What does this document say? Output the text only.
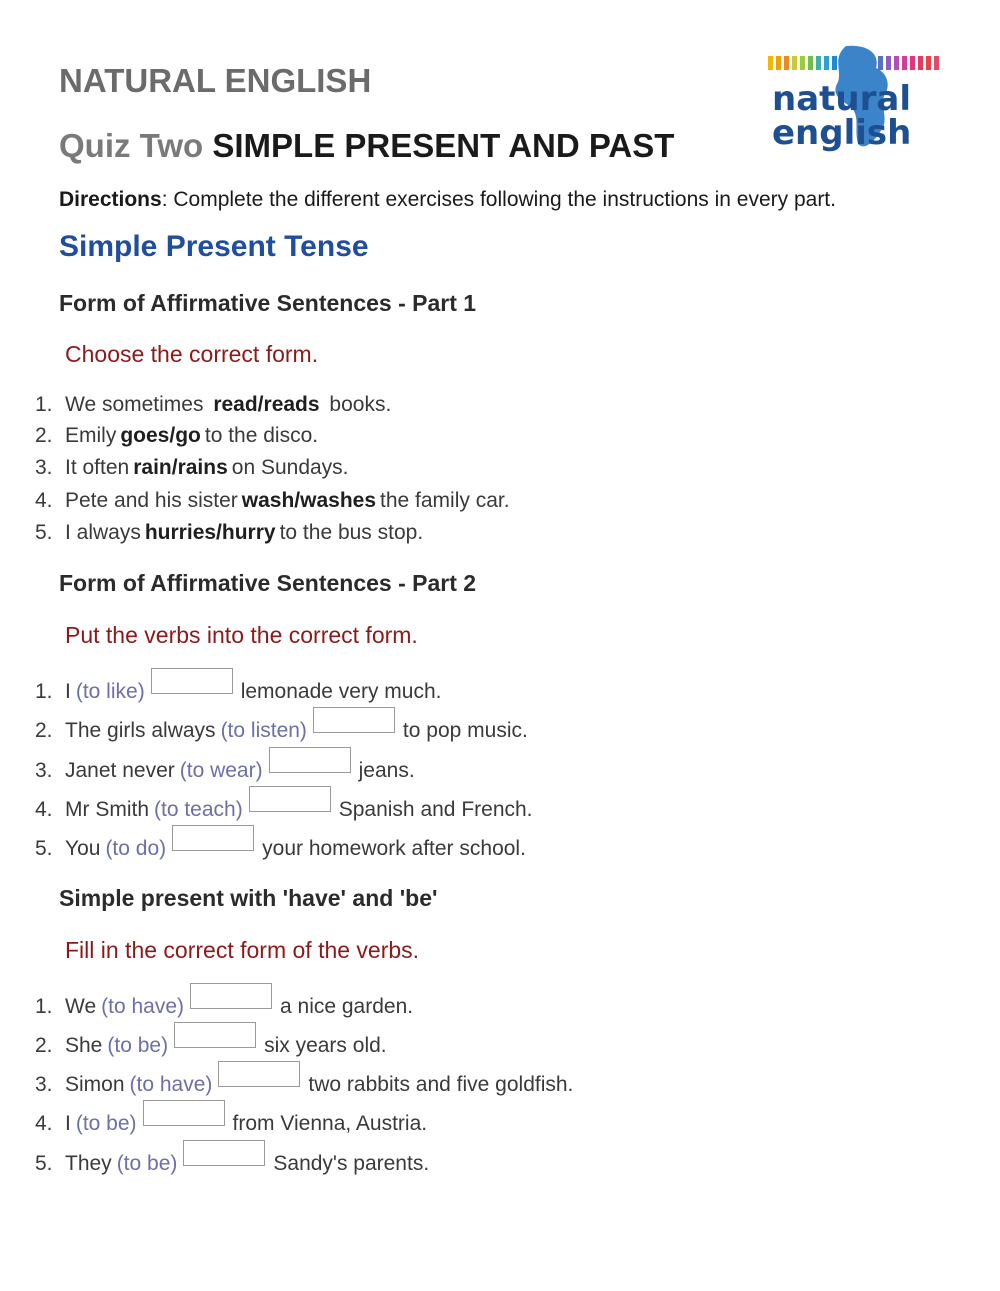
NATURAL ENGLISH
Quiz Two SIMPLE PRESENT AND PAST
natural
english
Directions: Complete the different exercises following the instructions in every part.
Simple Present Tense
Form of Affirmative Sentences - Part 1
Choose the correct form.
1. We sometimes
read/reads
books.
2. Emily goes/go to the disco.
3. It often rain/rains on Sundays.
4. Pete and his sister wash/washes the family car.
5. I always hurries/hurry to the bus stop.
Form of Affirmative Sentences - Part 2
Put the verbs into the correct form.
1. I (to like)	lemonade very much.
2. The girls always (to listen)	to pop music.
3. Janet never (to wear)	jeans.
4. Mr Smith (to teach)	Spanish and French.
5. You (to do)	your homework after school.
Simple present with 'have' and 'be'
Fill in the correct form of the verbs.
1. We (to have)	a nice garden.
2. She (to be)	six years old.
3. Simon (to have)	two rabbits and five goldfish.
4. I (to be)	from Vienna, Austria.
5. They (to be)	Sandy's parents.
